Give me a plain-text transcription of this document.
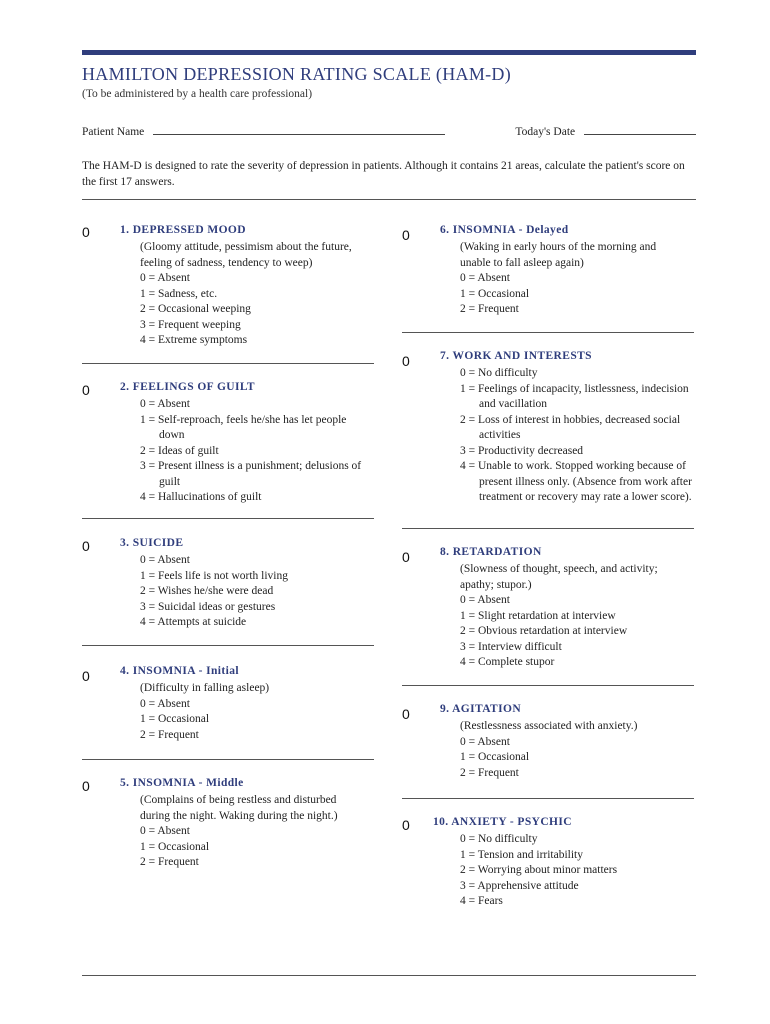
HAMILTON DEPRESSION RATING SCALE (HAM-D)
(To be administered by a health care professional)
Patient Name	Today's Date
The HAM-D is designed to rate the severity of depression in patients. Although it contains 21 areas, calculate the patient's score on the first 17 answers.
0	1. DEPRESSED MOOD
(Gloomy attitude, pessimism about the future,
feeling of sadness, tendency to weep)
0 = Absent
1 = Sadness, etc.
2 = Occasional weeping
3 = Frequent weeping
4 = Extreme symptoms
0	2. FEELINGS OF GUILT
0 = Absent
1 = Self-reproach, feels he/she has let people down
2 = Ideas of guilt
3 = Present illness is a punishment; delusions of guilt
4 = Hallucinations of guilt
0	3. SUICIDE
0 = Absent
1 = Feels life is not worth living
2 = Wishes he/she were dead
3 = Suicidal ideas or gestures
4 = Attempts at suicide
0	4. INSOMNIA - Initial
(Difficulty in falling asleep)
0 = Absent
1 = Occasional
2 = Frequent
0	5. INSOMNIA - Middle
(Complains of being restless and disturbed
during the night. Waking during the night.)
0 = Absent
1 = Occasional
2 = Frequent
0	6. INSOMNIA - Delayed
(Waking in early hours of the morning and
unable to fall asleep again)
0 = Absent
1 = Occasional
2 = Frequent
0	7. WORK AND INTERESTS
0 = No difficulty
1 = Feelings of incapacity, listlessness, indecision and vacillation
2 = Loss of interest in hobbies, decreased social activities
3 = Productivity decreased
4 = Unable to work. Stopped working because of present illness only. (Absence from work after treatment or recovery may rate a lower score).
0	8. RETARDATION
(Slowness of thought, speech, and activity;
apathy; stupor.)
0 = Absent
1 = Slight retardation at interview
2 = Obvious retardation at interview
3 = Interview difficult
4 = Complete stupor
0	9. AGITATION
(Restlessness associated with anxiety.)
0 = Absent
1 = Occasional
2 = Frequent
0 10. ANXIETY - PSYCHIC
0 = No difficulty
1 = Tension and irritability
2 = Worrying about minor matters
3 = Apprehensive attitude
4 = Fears
